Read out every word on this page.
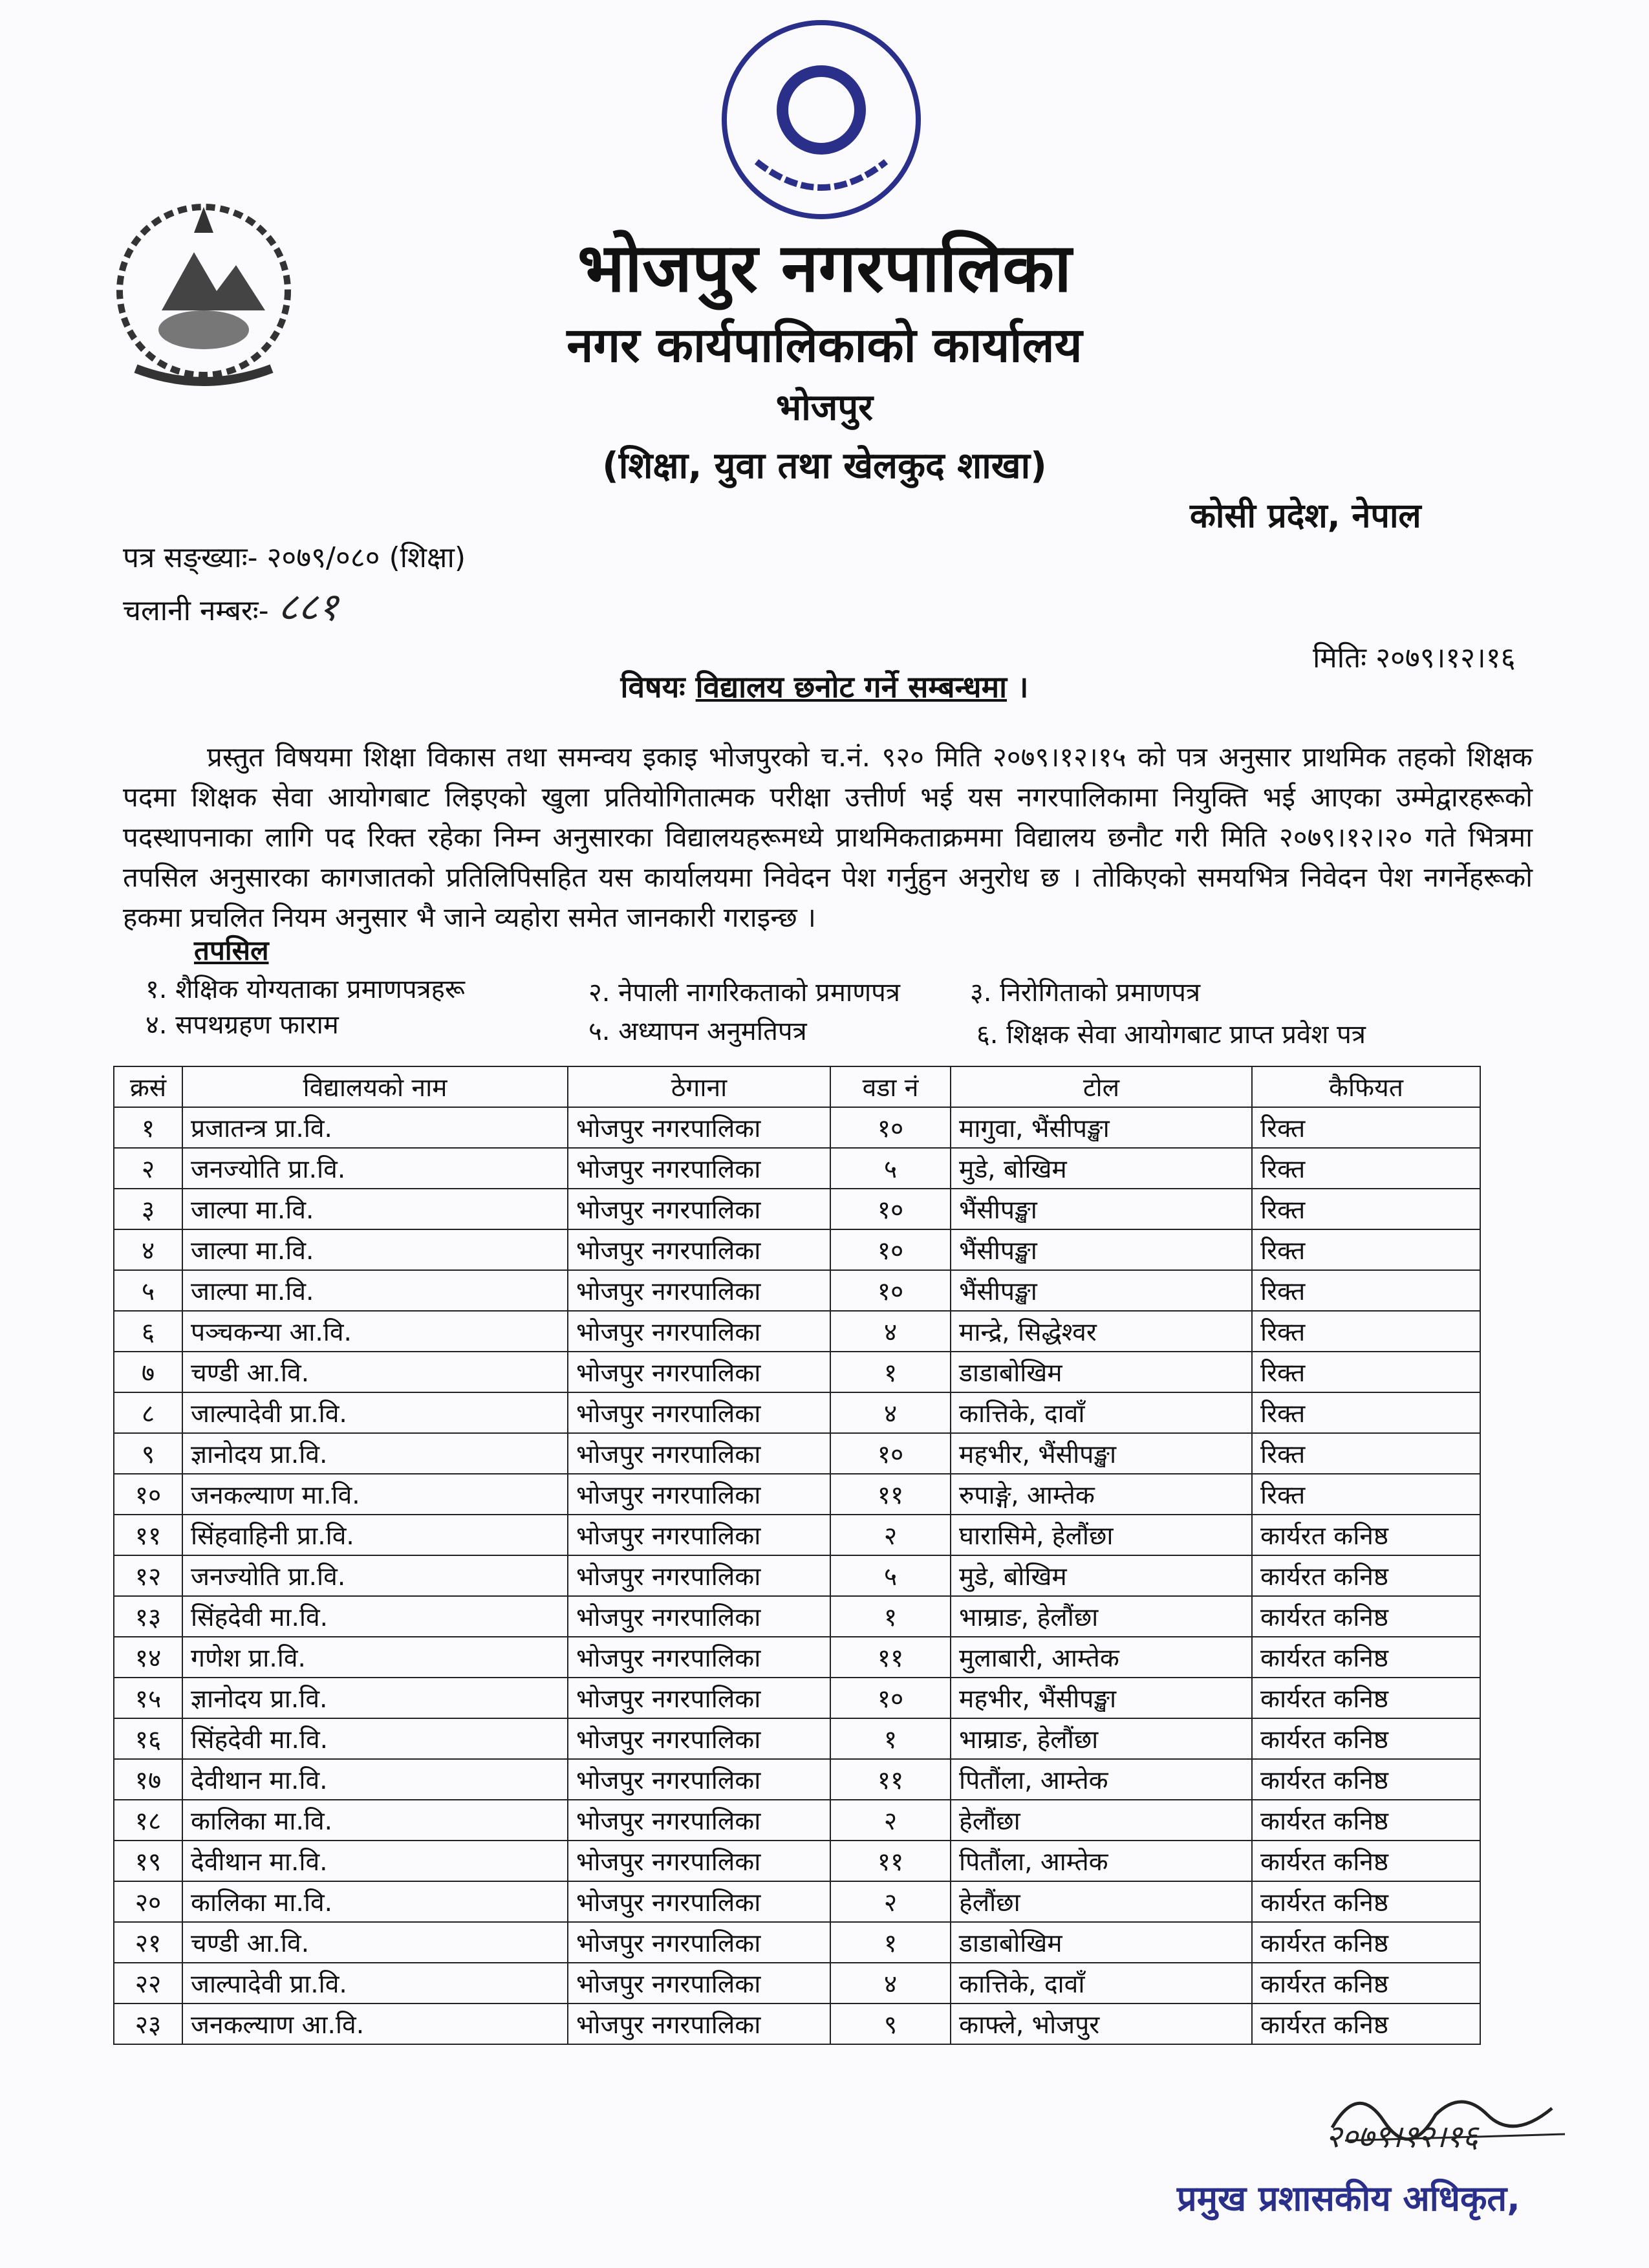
भोजपुर नगरपालिका
नगर कार्यपालिकाको कार्यालय
भोजपुर
(शिक्षा, युवा तथा खेलकुद शाखा)
कोसी प्रदेश, नेपाल
पत्र सङ्ख्याः- २०७९/०८० (शिक्षा)
चलानी नम्बरः- ८८१
मितिः २०७९।१२।१६
विषयः विद्यालय छनोट गर्ने सम्बन्धमा ।

प्रस्तुत विषयमा शिक्षा विकास तथा समन्वय इकाइ भोजपुरको च.नं. ९२० मिति २०७९।१२।१५ को पत्र अनुसार प्राथमिक तहको शिक्षक पदमा शिक्षक सेवा आयोगबाट लिइएको खुला प्रतियोगितात्मक परीक्षा उत्तीर्ण भई यस नगरपालिकामा नियुक्ति भई आएका उम्मेद्वारहरूको पदस्थापनाका लागि पद रिक्त रहेका निम्न अनुसारका विद्यालयहरूमध्ये प्राथमिकताक्रममा विद्यालय छनौट गरी मिति २०७९।१२।२० गते भित्रमा तपसिल अनुसारका कागजातको प्रतिलिपिसहित यस कार्यालयमा निवेदन पेश गर्नुहुन अनुरोध छ । तोकिएको समयभित्र निवेदन पेश नगर्नेहरूको हकमा प्रचलित नियम अनुसार भै जाने व्यहोरा समेत जानकारी गराइन्छ ।

तपसिल
१. शैक्षिक योग्यताका प्रमाणपत्रहरू	२. नेपाली नागरिकताको प्रमाणपत्र	३. निरोगिताको प्रमाणपत्र
४. सपथग्रहण फाराम	५. अध्यापन अनुमतिपत्र	६. शिक्षक सेवा आयोगबाट प्राप्त प्रवेश पत्र
क्रसं	विद्यालयको नाम	ठेगाना	वडा नं	टोल	कैफियत
१	प्रजातन्त्र प्रा.वि.	भोजपुर नगरपालिका	१०	मागुवा, भैंसीपङ्खा	रिक्त
२	जनज्योति प्रा.वि.	भोजपुर नगरपालिका	५	मुडे, बोखिम	रिक्त
३	जाल्पा मा.वि.	भोजपुर नगरपालिका	१०	भैंसीपङ्खा	रिक्त
४	जाल्पा मा.वि.	भोजपुर नगरपालिका	१०	भैंसीपङ्खा	रिक्त
५	जाल्पा मा.वि.	भोजपुर नगरपालिका	१०	भैंसीपङ्खा	रिक्त
६	पञ्चकन्या आ.वि.	भोजपुर नगरपालिका	४	मान्द्रे, सिद्धेश्वर	रिक्त
७	चण्डी आ.वि.	भोजपुर नगरपालिका	१	डाडाबोखिम	रिक्त
८	जाल्पादेवी प्रा.वि.	भोजपुर नगरपालिका	४	कात्तिके, दावाँ	रिक्त
९	ज्ञानोदय प्रा.वि.	भोजपुर नगरपालिका	१०	महभीर, भैंसीपङ्खा	रिक्त
१०	जनकल्याण मा.वि.	भोजपुर नगरपालिका	११	रुपाङ्गे, आम्तेक	रिक्त
११	सिंहवाहिनी प्रा.वि.	भोजपुर नगरपालिका	२	घारासिमे, हेलौंछा	कार्यरत कनिष्ठ
१२	जनज्योति प्रा.वि.	भोजपुर नगरपालिका	५	मुडे, बोखिम	कार्यरत कनिष्ठ
१३	सिंहदेवी मा.वि.	भोजपुर नगरपालिका	१	भाम्राङ, हेलौंछा	कार्यरत कनिष्ठ
१४	गणेश प्रा.वि.	भोजपुर नगरपालिका	११	मुलाबारी, आम्तेक	कार्यरत कनिष्ठ
१५	ज्ञानोदय प्रा.वि.	भोजपुर नगरपालिका	१०	महभीर, भैंसीपङ्खा	कार्यरत कनिष्ठ
१६	सिंहदेवी मा.वि.	भोजपुर नगरपालिका	१	भाम्राङ, हेलौंछा	कार्यरत कनिष्ठ
१७	देवीथान मा.वि.	भोजपुर नगरपालिका	११	पितौंला, आम्तेक	कार्यरत कनिष्ठ
१८	कालिका मा.वि.	भोजपुर नगरपालिका	२	हेलौंछा	कार्यरत कनिष्ठ
१९	देवीथान मा.वि.	भोजपुर नगरपालिका	११	पितौंला, आम्तेक	कार्यरत कनिष्ठ
२०	कालिका मा.वि.	भोजपुर नगरपालिका	२	हेलौंछा	कार्यरत कनिष्ठ
२१	चण्डी आ.वि.	भोजपुर नगरपालिका	१	डाडाबोखिम	कार्यरत कनिष्ठ
२२	जाल्पादेवी प्रा.वि.	भोजपुर नगरपालिका	४	कात्तिके, दावाँ	कार्यरत कनिष्ठ
२३	जनकल्याण आ.वि.	भोजपुर नगरपालिका	९	काफ्ले, भोजपुर	कार्यरत कनिष्ठ
२०७९।१२।१६
प्रमुख प्रशासकीय अधिकृत,
